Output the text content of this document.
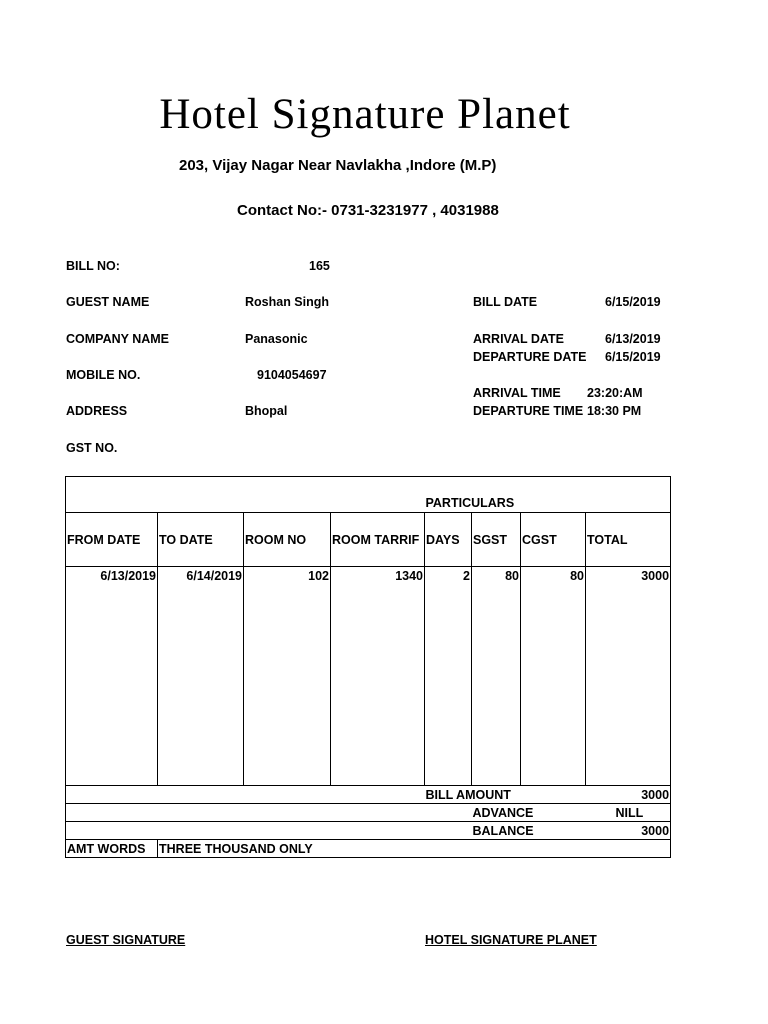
Hotel Signature Planet
203, Vijay Nagar Near Navlakha ,Indore (M.P)
Contact No:- 0731-3231977 , 4031988
BILL NO:	165
GUEST NAME	Roshan Singh
COMPANY NAME	Panasonic
MOBILE NO.	9104054697
ADDRESS	Bhopal
GST NO.
BILL DATE	6/15/2019
ARRIVAL DATE	6/13/2019
DEPARTURE DATE 6/15/2019
ARRIVAL TIME 23:20:AM
DEPARTURE TIME 18:30 PM
				PARTICULARS			
FROM DATE	TO DATE	ROOM NO	ROOM TARRIF	DAYS	SGST	CGST	TOTAL
6/13/2019	6/14/2019	102	1340	2	80	80	3000
				BILL AMOUNT			3000
					ADVANCE		NILL
					BALANCE		3000
AMT WORDS	THREE THOUSAND ONLY						
GUEST SIGNATURE	HOTEL SIGNATURE PLANET
